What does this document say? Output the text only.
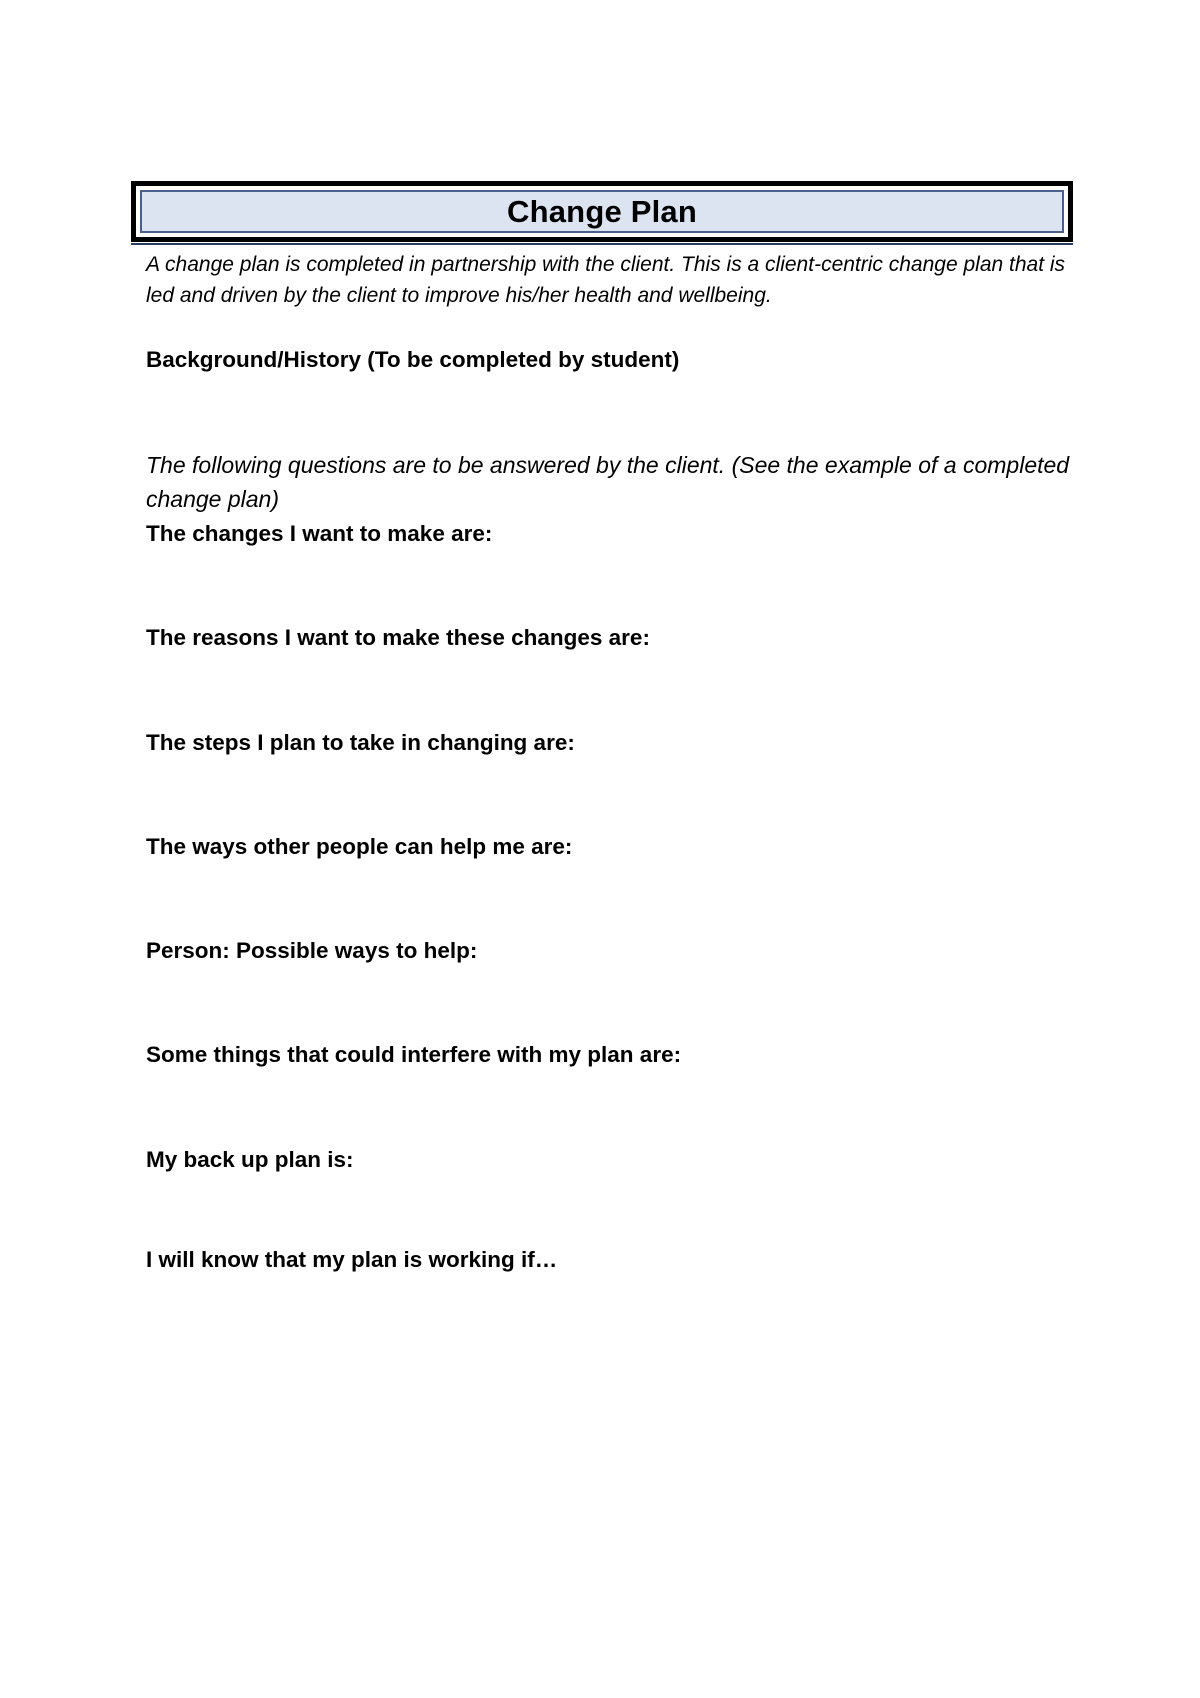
Change Plan
A change plan is completed in partnership with the client. This is a client-centric change plan that is led and driven by the client to improve his/her health and wellbeing.
Background/History (To be completed by student)
The following questions are to be answered by the client. (See the example of a completed change plan)
The changes I want to make are:
The reasons I want to make these changes are:
The steps I plan to take in changing are:
The ways other people can help me are:
Person: Possible ways to help:
Some things that could interfere with my plan are:
My back up plan is:
I will know that my plan is working if…
